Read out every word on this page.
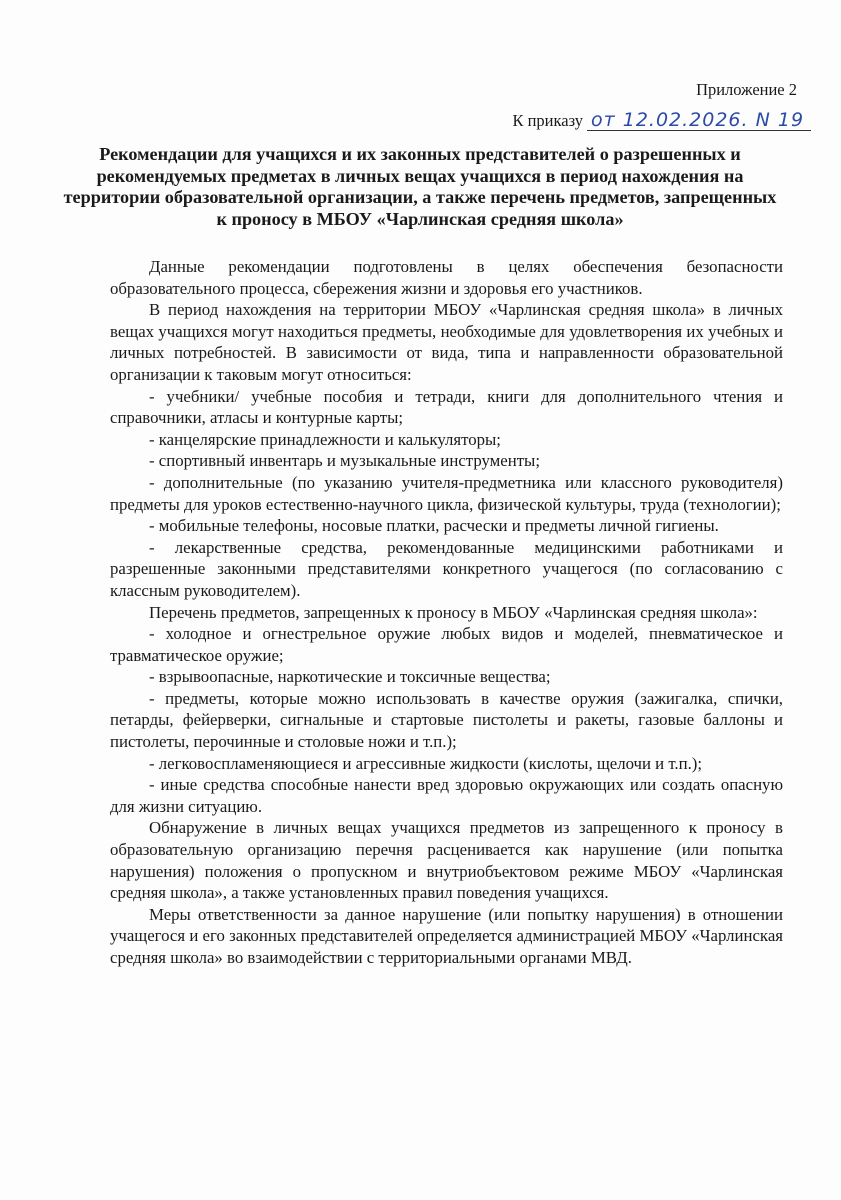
Приложение 2
К приказу от 12.02.2026. N 19
Рекомендации для учащихся и их законных представителей о разрешенных и рекомендуемых предметах в личных вещах учащихся в период нахождения на территории образовательной организации, а также перечень предметов, запрещенных к проносу в МБОУ «Чарлинская средняя школа»

Данные рекомендации подготовлены в целях обеспечения безопасности образовательного процесса, сбережения жизни и здоровья его участников.

В период нахождения на территории МБОУ «Чарлинская средняя школа» в личных вещах учащихся могут находиться предметы, необходимые для удовлетворения их учебных и личных потребностей. В зависимости от вида, типа и направленности образовательной организации к таковым могут относиться:

- учебники/ учебные пособия и тетради, книги для дополнительного чтения и справочники, атласы и контурные карты;

- канцелярские принадлежности и калькуляторы;

- спортивный инвентарь и музыкальные инструменты;

- дополнительные (по указанию учителя-предметника или классного руководителя) предметы для уроков естественно-научного цикла, физической культуры, труда (технологии);

- мобильные телефоны, носовые платки, расчески и предметы личной гигиены.

- лекарственные средства, рекомендованные медицинскими работниками и разрешенные законными представителями конкретного учащегося (по согласованию с классным руководителем).

Перечень предметов, запрещенных к проносу в МБОУ «Чарлинская средняя школа»:

- холодное и огнестрельное оружие любых видов и моделей, пневматическое и травматическое оружие;

- взрывоопасные, наркотические и токсичные вещества;

- предметы, которые можно использовать в качестве оружия (зажигалка, спички, петарды, фейерверки, сигнальные и стартовые пистолеты и ракеты, газовые баллоны и пистолеты, перочинные и столовые ножи и т.п.);

- легковоспламеняющиеся и агрессивные жидкости (кислоты, щелочи и т.п.);

- иные средства способные нанести вред здоровью окружающих или создать опасную для жизни ситуацию.

Обнаружение в личных вещах учащихся предметов из запрещенного к проносу в образовательную организацию перечня расценивается как нарушение (или попытка нарушения) положения о пропускном и внутриобъектовом режиме МБОУ «Чарлинская средняя школа», а также установленных правил поведения учащихся.

Меры ответственности за данное нарушение (или попытку нарушения) в отношении учащегося и его законных представителей определяется администрацией МБОУ «Чарлинская средняя школа» во взаимодействии с территориальными органами МВД.
